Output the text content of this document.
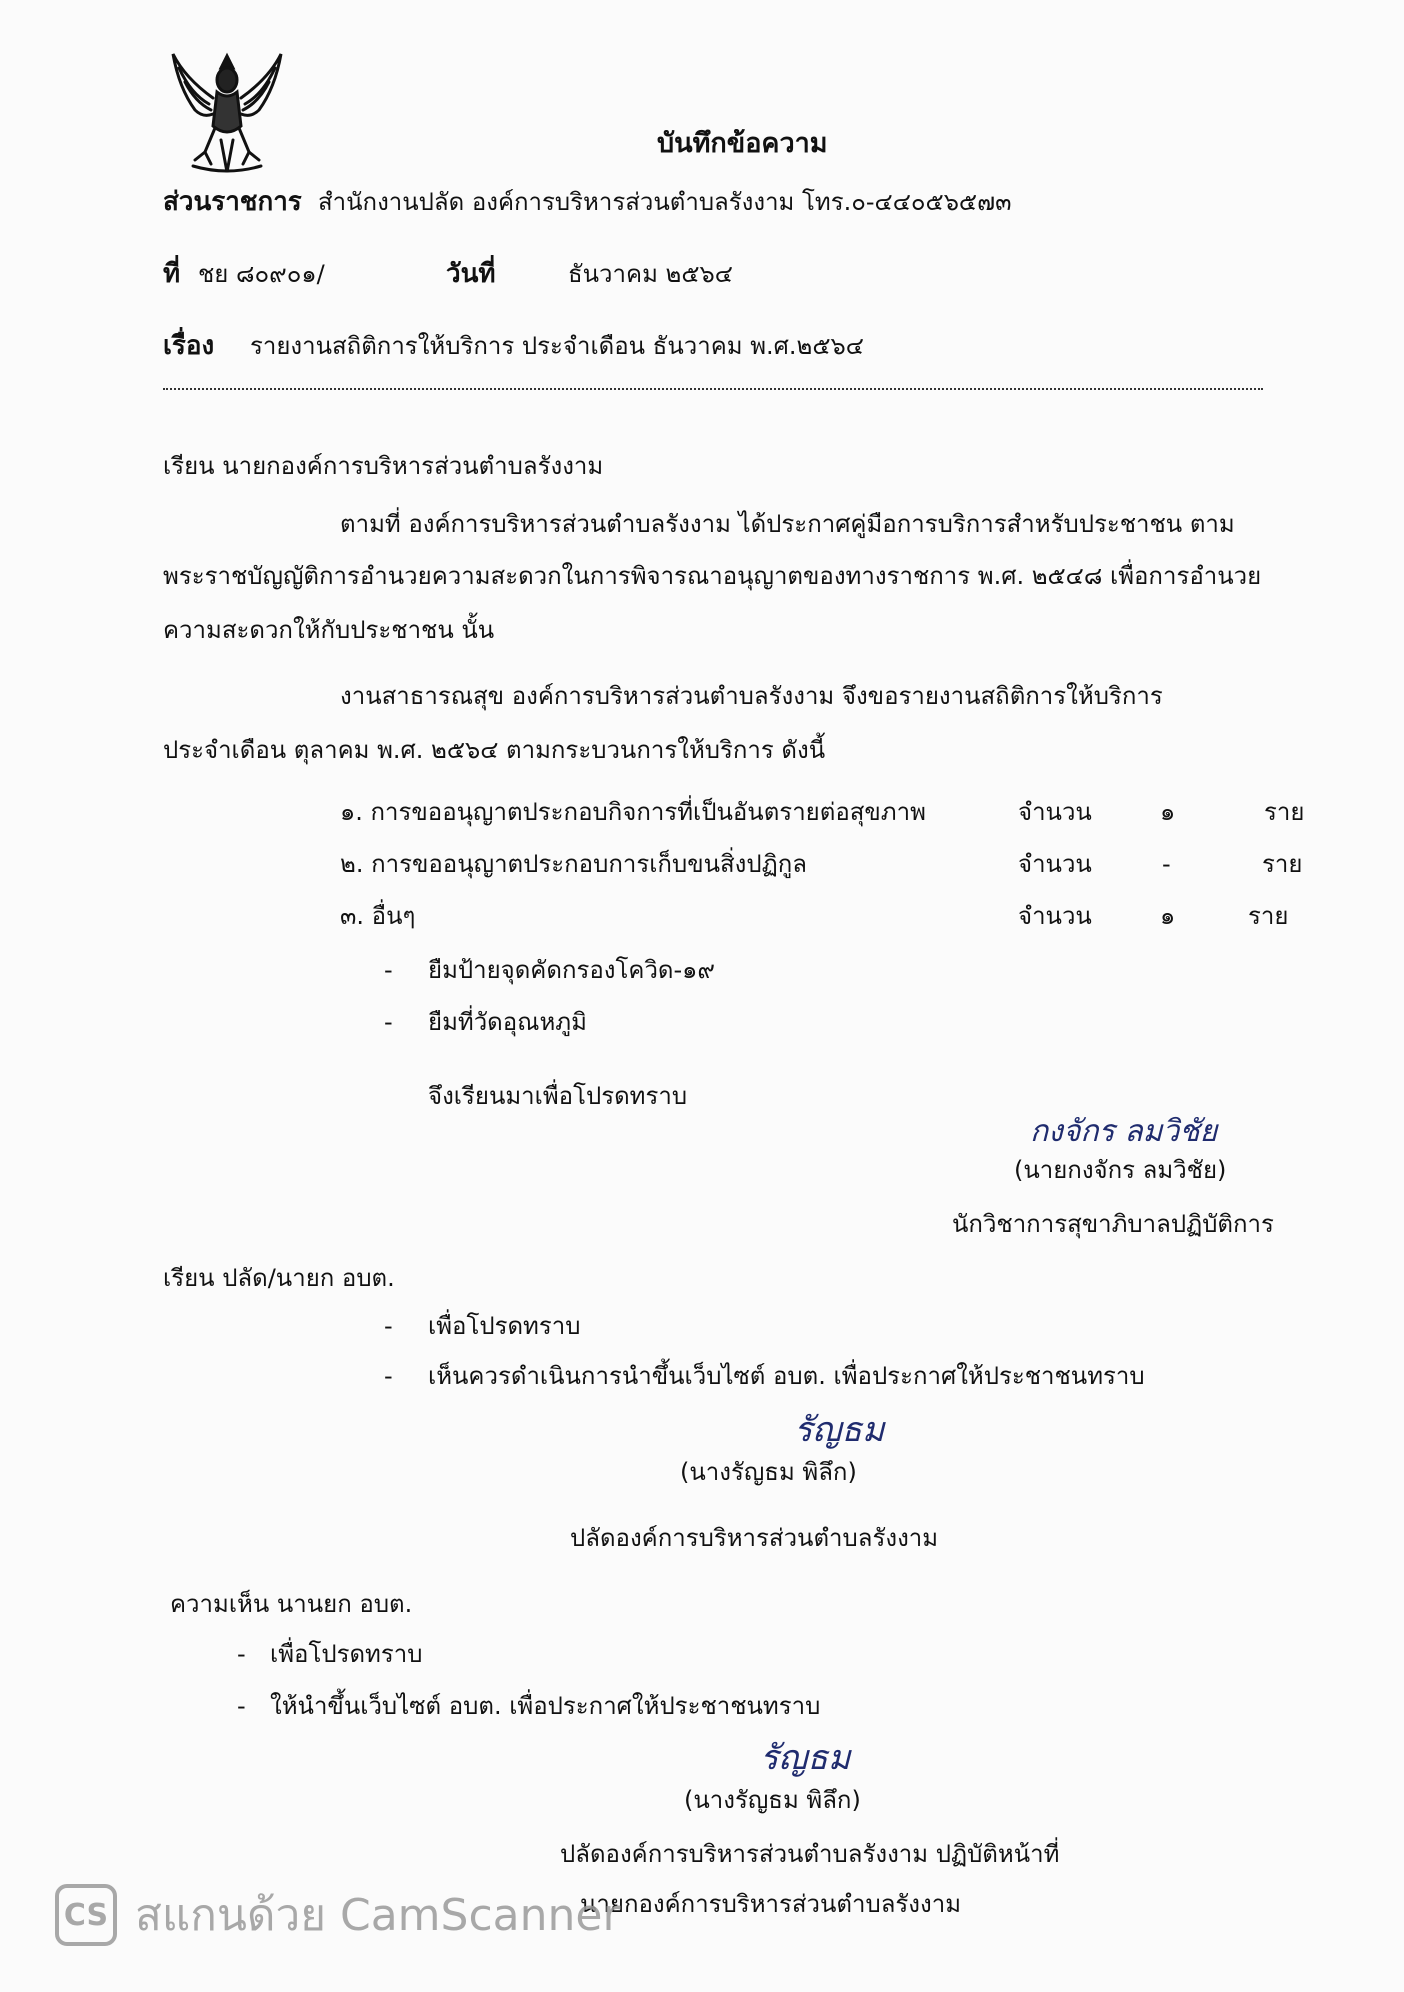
บันทึกข้อความ
ส่วนราชการ สำนักงานปลัด องค์การบริหารส่วนตำบลรังงาม โทร.๐-๔๔๐๕๖๕๗๓
ที่ ชย ๘๐๙๐๑/	วันที่	ธันวาคม ๒๕๖๔
เรื่อง รายงานสถิติการให้บริการ ประจำเดือน ธันวาคม พ.ศ.๒๕๖๔
เรียน นายกองค์การบริหารส่วนตำบลรังงาม
ตามที่ องค์การบริหารส่วนตำบลรังงาม ได้ประกาศคู่มือการบริการสำหรับประชาชน ตาม
พระราชบัญญัติการอำนวยความสะดวกในการพิจารณาอนุญาตของทางราชการ พ.ศ. ๒๕๔๘ เพื่อการอำนวย
ความสะดวกให้กับประชาชน นั้น
งานสาธารณสุข องค์การบริหารส่วนตำบลรังงาม จึงขอรายงานสถิติการให้บริการ
ประจำเดือน ตุลาคม พ.ศ. ๒๕๖๔ ตามกระบวนการให้บริการ ดังนี้
๑. การขออนุญาตประกอบกิจการที่เป็นอันตรายต่อสุขภาพ	จำนวน	๑	ราย
๒. การขออนุญาตประกอบการเก็บขนสิ่งปฏิกูล	จำนวน	-	ราย
๓. อื่นๆ	จำนวน	๑	ราย
- ยืมป้ายจุดคัดกรองโควิด-๑๙
- ยืมที่วัดอุณหภูมิ
จึงเรียนมาเพื่อโปรดทราบ
กงจักร ลมวิชัย
(นายกงจักร ลมวิชัย)
นักวิชาการสุขาภิบาลปฏิบัติการ
เรียน ปลัด/นายก อบต.
- เพื่อโปรดทราบ
- เห็นควรดำเนินการนำขึ้นเว็บไซต์ อบต. เพื่อประกาศให้ประชาชนทราบ
รัญธม
(นางรัญธม พิลึก)
ปลัดองค์การบริหารส่วนตำบลรังงาม
ความเห็น นานยก อบต.
- เพื่อโปรดทราบ
- ให้นำขึ้นเว็บไซต์ อบต. เพื่อประกาศให้ประชาชนทราบ
รัญธม
(นางรัญธม พิลึก)
ปลัดองค์การบริหารส่วนตำบลรังงาม ปฏิบัติหน้าที่
นายกองค์การบริหารส่วนตำบลรังงาม
CS สแกนด้วย CamScanner
